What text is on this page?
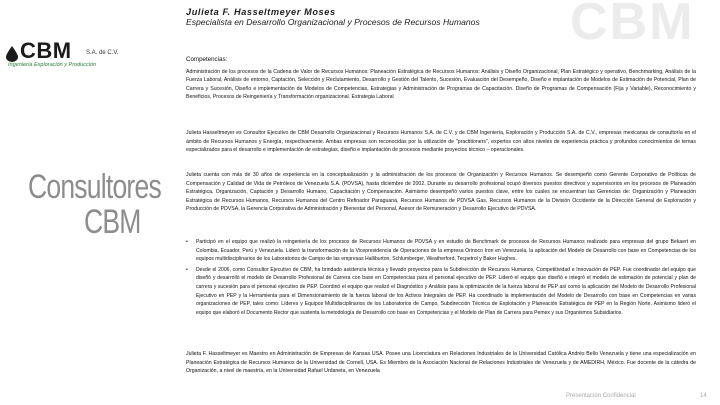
CBM S.A. de C.V.
Ingeniería Exploración y Producción
Consultores
CBM
CBM
Julieta F. Hasseltmeyer Moses
Especialista en Desarrollo Organizacional y Procesos de Recursos Humanos
Competencias:
Administración de los procesos de la Cadena de Valor de Recursos Humanos: Planeación Estratégica de Recursos Humanos: Análisis y Diseño Organizacional, Plan Estratégico y operativo, Benchmarking, Análisis de la Fuerza Laboral, Análisis de entorno, Captación, Selección y Reclutamiento, Desarrollo y Gestión del Talento, Sucesión, Evaluación del Desempeño, Diseño e implantación de Modelos de Estimación de Potencial, Plan de Carrera y Sucesión, Diseño e implementación de Modelos de Competencias, Estrategias y Administración de Programas de Capacitación. Diseño de Programas de Compensación (Fija y Variable), Reconocimiento y Beneficios, Procesos de Reingeniería y Transformación organizacional. Estrategia Laboral
Julieta Hasseltmeyer es Consultor Ejecutivo de CBM Desarrollo Organizacional y Recursos Humanos S.A. de C.V. y de CBM Ingeniería, Exploración y Producción S.A. de C.V., empresas mexicanas de consultoría en el ámbito de Recursos Humanos y Energía, respectivamente. Ambas empresas son reconocidas por la utilización de "practitioners", expertos con altos niveles de experiencia práctica y profundos conocimientos de temas especializados para el desarrollo e implementación de estrategias, diseño e implantación de procesos mediante proyectos técnico – operacionales.
Julieta cuenta con más de 30 años de experiencia en la conceptualización y la administración de los procesos de Organización y Recursos Humanos. Se desempeñó como Gerente Corporativo de Políticas de Compensación y Calidad de Vida de Petróleos de Venezuela S.A. (PDVSA), hasta diciembre de 2002. Durante su desarrollo profesional ocupó diversos puestos directivos y supervisorios en los procesos de Planeación Estratégica, Organización, Captación y Desarrollo Humano, Capacitación y Compensación. Asimismo desempeñó varios puestos clave, entre los cuales se encuentran las Gerencias de: Organización y Planeación Estratégica de Recursos Humanos, Recursos Humanos del Centro Refinador Paraguaná, Recursos Humanos de PDVSA Gas, Recursos Humanos de la División Occidente de la Dirección General de Exploración y Producción de PDVSA, la Gerencia Corporativa de Administración y Bienestar del Personal, Asesor de Remuneración y Desarrollo Ejecutivo de PDVSA.
• Participó en el equipo que realizó la reingeniería de los procesos de Recursos Humanos de PDVSA y en estudio de Benchmark de procesos de Recursos Humanos realizado para empresas del grupo Bekaert en Colombia, Ecuador, Perú y Venezuela. Lideró la transformación de la Vicepresidencia de Operaciones de la empresa Orinoco Iron en Venezuela, la aplicación del Modelo de Desarrollo con base en Competencias de los equipos multidisciplinarios de los Laboratorios de Campo de las empresas Halliburton, Schlumberger, Weatherford, Tecpetrol y Baker Hughes.
• Desde el 2006, como Consultor Ejecutivo de CBM, ha brindado asistencia técnica y llevado proyectos para la Subdirección de Recursos Humanos, Competitividad e Innovación de PEP. Fue coordinador del equipo que diseñó y desarrolló el modelo de Desarrollo Profesional de Carrera con base en Competencias para el personal ejecutivo de PEP. Lideró el equipo que diseñó e integró el modelo de estimación de potencial y plan de carrera y sucesión para el personal ejecutivo de PEP. Coordinó el equipo que realizó el Diagnóstico y Análisis para la optimización de la fuerza laboral de PEP así como la aplicación del Modelo de Desarrollo Profesional Ejecutivo en PEP y la Herramienta para el Dimensionamiento de la fuerza laboral de los Activos Integrales de PEP. Ha coordinado la implementación del Modelo de Desarrollo con base en Competencias en varias organizaciones de PEP, tales como: Líderes y Equipos Multidisciplinarios de los Laboratorios de Campo, Subdirección Técnica de Explotación y Planeación Estratégica de PEP en la Región Norte. Asimismo lideró el equipo que elaboró el Documento Rector que sustenta la metodología de Desarrollo con base en Competencias y el Modelo de Plan de Carrera para Pemex y sus Organismos Subsidiarios.
Julieta F. Hasseltmeyer es Maestro en Administración de Empresas de Kansas USA. Posee una Licenciatura en Relaciones Industriales de la Universidad Católica Andrés Bello Venezuela y tiene una especialización en Planeación Estratégica de Recursos Humanos de la Universidad de Cornell, USA. Es Miembro de la Asociación Nacional de Relaciones Industriales de Venezuela y de AMEDIRH, México. Fue docente de la cátedra de Organización, a nivel de maestría, en la Universidad Rafael Urdaneta, en Venezuela
Presentación Confidencial	14
